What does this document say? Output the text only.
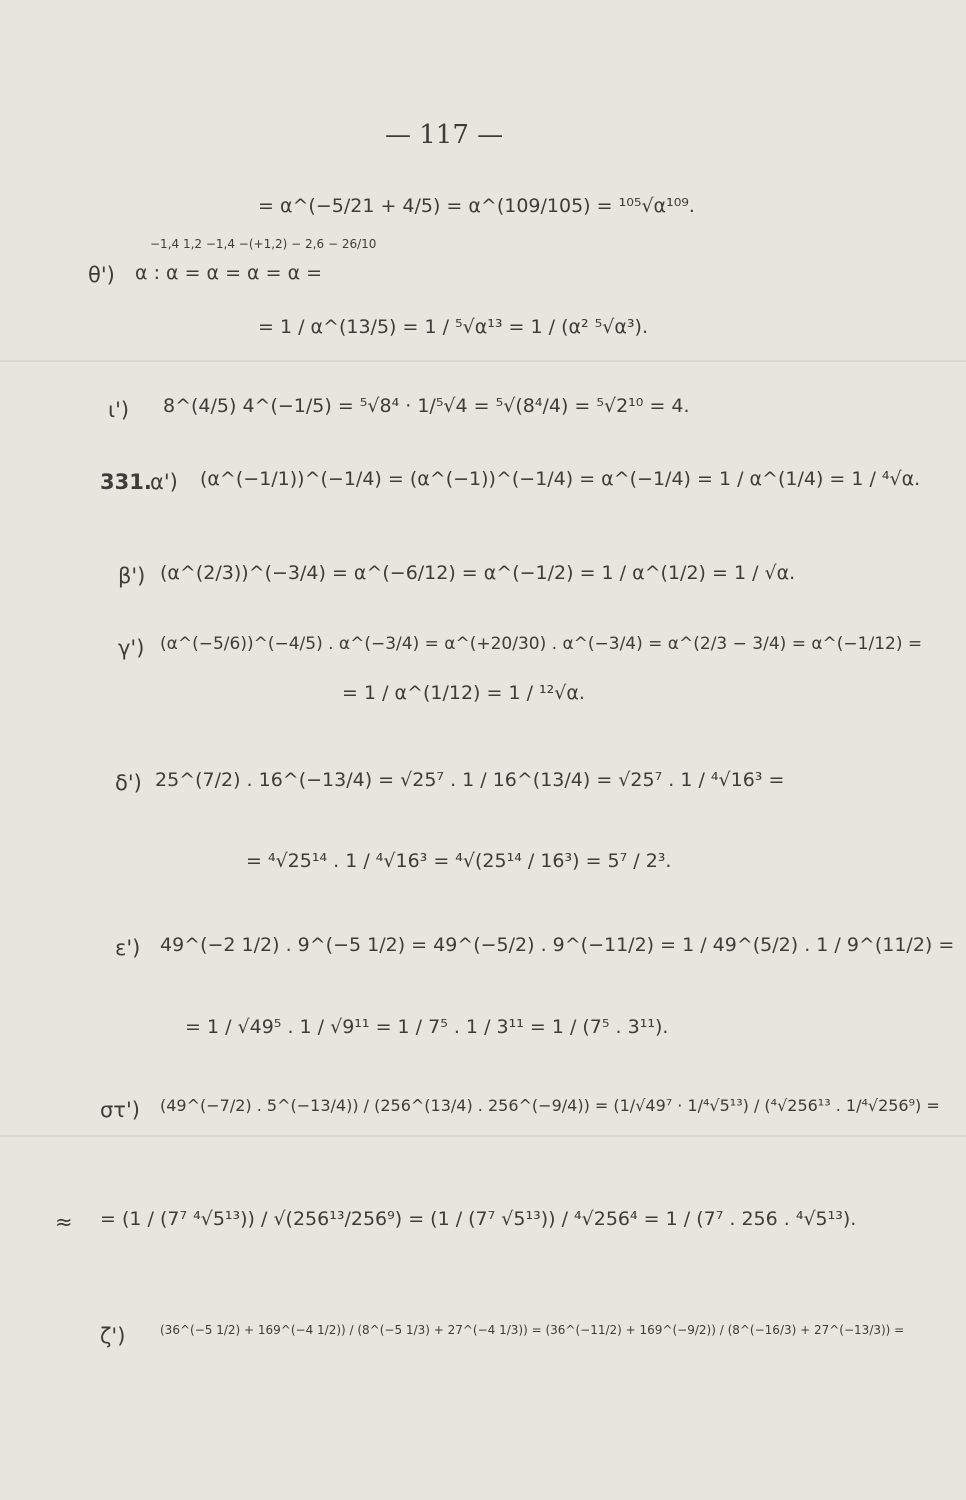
— 117 —
= α^(−5/21 + 4/5) = α^(109/105) = ¹⁰⁵√α¹⁰⁹.
θ')
−1,4 1,2 −1,4 −(+1,2) − 2,6 − 26/10
α : α = α = α = α =
= 1 / α^(13/5) = 1 / ⁵√α¹³ = 1 / (α² ⁵√α³).
ι') 8^(4/5) 4^(−1/5) = ⁵√8⁴ · 1/⁵√4 = ⁵√(8⁴/4) = ⁵√2¹⁰ = 4.
331.
α') (α^(−1/1))^(−1/4) = (α^(−1))^(−1/4) = α^(−1/4) = 1 / α^(1/4) = 1 / ⁴√α.
β') (α^(2/3))^(−3/4) = α^(−6/12) = α^(−1/2) = 1 / α^(1/2) = 1 / √α.
γ') (α^(−5/6))^(−4/5) . α^(−3/4) = α^(+20/30) . α^(−3/4) = α^(2/3 − 3/4) = α^(−1/12) =
= 1 / α^(1/12) = 1 / ¹²√α.
δ') 25^(7/2) . 16^(−13/4) = √25⁷ . 1 / 16^(13/4) = √25⁷ . 1 / ⁴√16³ =
= ⁴√25¹⁴ . 1 / ⁴√16³ = ⁴√(25¹⁴ / 16³) = 5⁷ / 2³.
ε') 49^(−2 1/2) . 9^(−5 1/2) = 49^(−5/2) . 9^(−11/2) = 1 / 49^(5/2) . 1 / 9^(11/2) =
= 1 / √49⁵ . 1 / √9¹¹ = 1 / 7⁵ . 1 / 3¹¹ = 1 / (7⁵ . 3¹¹).
στ') (49^(−7/2) . 5^(−13/4)) / (256^(13/4) . 256^(−9/4)) = (1/√49⁷ · 1/⁴√5¹³) / (⁴√256¹³ . 1/⁴√256⁹) =
≈ = (1 / (7⁷ ⁴√5¹³)) / √(256¹³/256⁹) = (1 / (7⁷ √5¹³)) / ⁴√256⁴ = 1 / (7⁷ . 256 . ⁴√5¹³).
ζ')	(36^(−5 1/2) + 169^(−4 1/2)) / (8^(−5 1/3) + 27^(−4 1/3)) = (36^(−11/2) + 169^(−9/2)) / (8^(−16/3) + 27^(−13/3)) =
